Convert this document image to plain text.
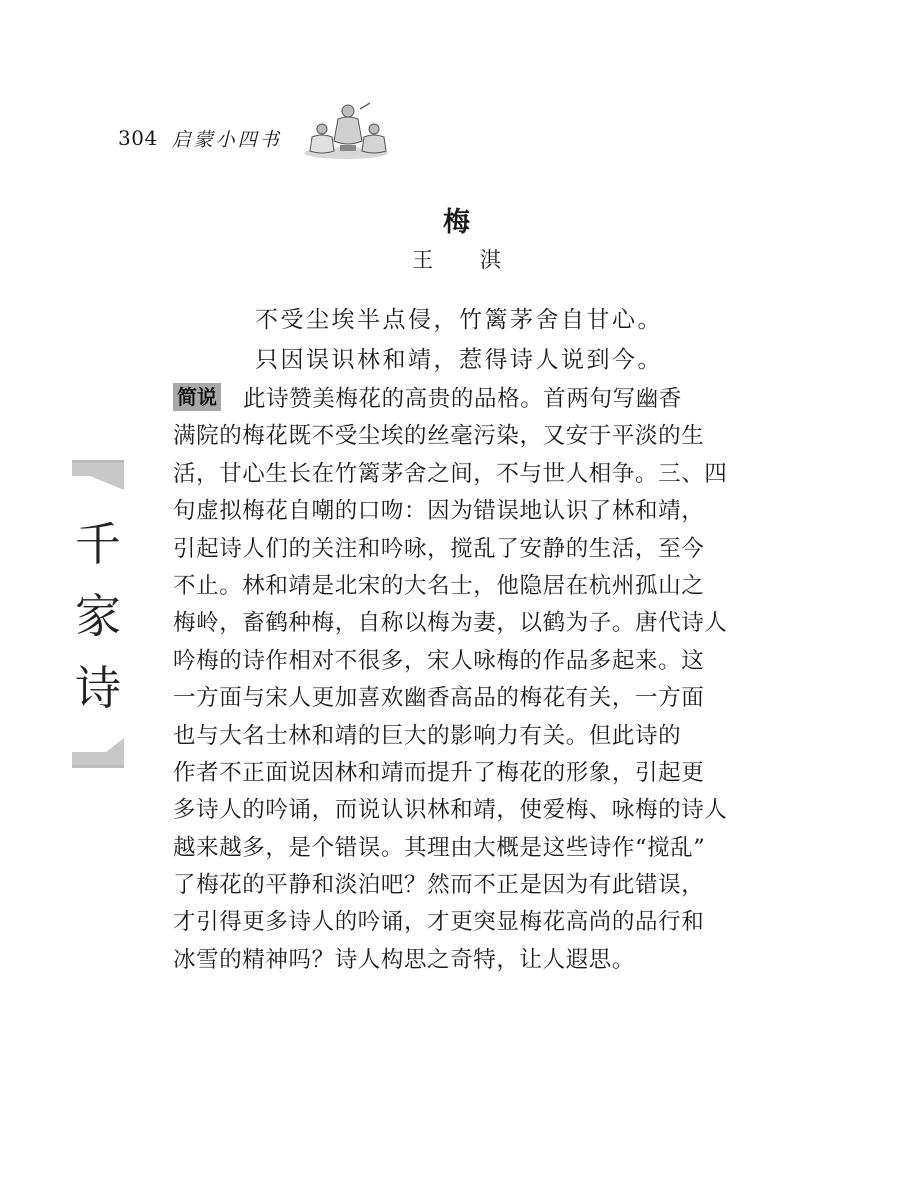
304 启蒙小四书
梅
王 淇
不受尘埃半点侵，竹篱茅舍自甘心。
只因误识林和靖，惹得诗人说到今。
简说 此诗赞美梅花的高贵的品格。首两句写幽香
满院的梅花既不受尘埃的丝毫污染，又安于平淡的生
活，甘心生长在竹篱茅舍之间，不与世人相争。三、四
句虚拟梅花自嘲的口吻：因为错误地认识了林和靖，
引起诗人们的关注和吟咏，搅乱了安静的生活，至今
不止。林和靖是北宋的大名士，他隐居在杭州孤山之
梅岭，畜鹤种梅，自称以梅为妻，以鹤为子。唐代诗人
吟梅的诗作相对不很多，宋人咏梅的作品多起来。这
一方面与宋人更加喜欢幽香高品的梅花有关，一方面
也与大名士林和靖的巨大的影响力有关。但此诗的
作者不正面说因林和靖而提升了梅花的形象，引起更
多诗人的吟诵，而说认识林和靖，使爱梅、咏梅的诗人
越来越多，是个错误。其理由大概是这些诗作“搅乱”
了梅花的平静和淡泊吧？然而不正是因为有此错误，
才引得更多诗人的吟诵，才更突显梅花高尚的品行和
冰雪的精神吗？诗人构思之奇特，让人遐思。
千
家
诗
